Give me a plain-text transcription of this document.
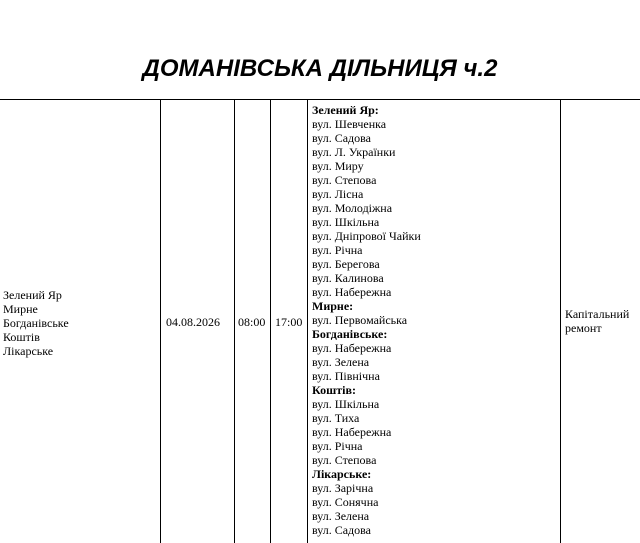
ДОМАНІВСЬКА ДІЛЬНИЦЯ ч.2
Зелений Яр
Мирне
Богданівське
Коштів
Лікарське
04.08.2026	08:00 17:00
Зелений Яр:
вул. Шевченка
вул. Садова
вул. Л. Українки
вул. Миру
вул. Степова
вул. Лісна
вул. Молодіжна
вул. Шкільна
вул. Дніпрової Чайки
вул. Річна
вул. Берегова
вул. Калинова
вул. Набережна
Мирне:
вул. Первомайська
Богданівське:
вул. Набережна
вул. Зелена
вул. Північна
Коштів:
вул. Шкільна
вул. Тиха
вул. Набережна
вул. Річна
вул. Степова
Лікарське:
вул. Зарічна
вул. Сонячна
вул. Зелена
вул. Садова
Капітальний
ремонт
